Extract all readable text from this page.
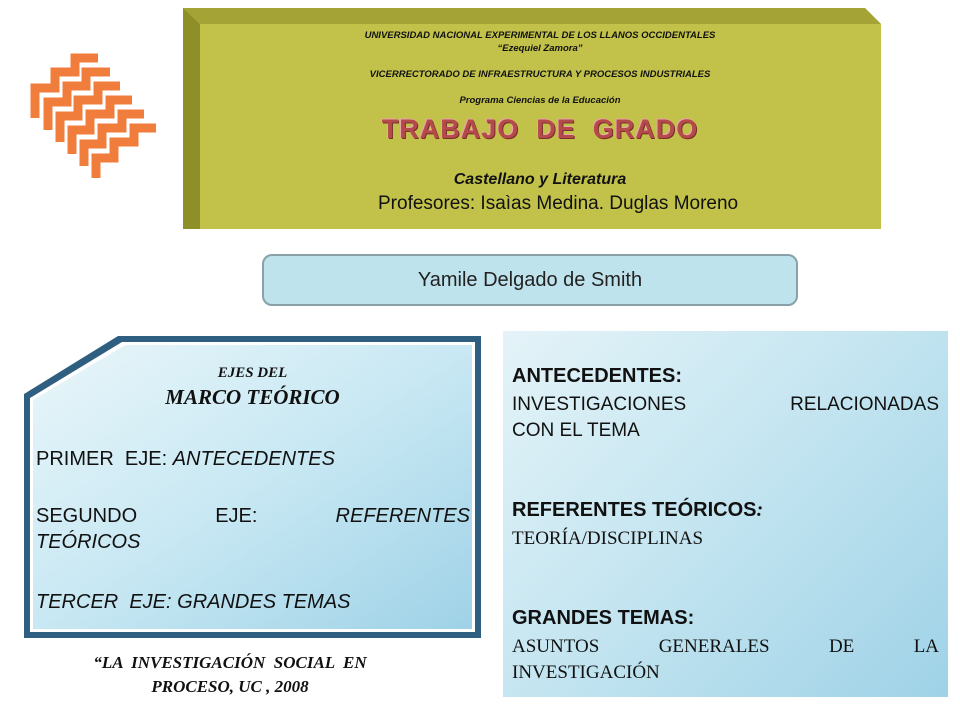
UNIVERSIDAD NACIONAL EXPERIMENTAL DE LOS LLANOS OCCIDENTALES
“Ezequiel Zamora”
VICERRECTORADO DE INFRAESTRUCTURA Y PROCESOS INDUSTRIALES
Programa Ciencias de la Educación
TRABAJO  DE  GRADO
Castellano y Literatura
Profesores: Isaìas Medina. Duglas Moreno
Yamile Delgado de Smith
EJES DEL
MARCO TEÓRICO
PRIMER  EJE: ANTECEDENTES
SEGUNDO	EJE:	REFERENTES
TEÓRICOS
TERCER  EJE: GRANDES TEMAS
“LA  INVESTIGACIÓN  SOCIAL  EN
PROCESO, UC , 2008
ANTECEDENTES:
INVESTIGACIONES	RELACIONADAS
CON EL TEMA
REFERENTES TEÓRICOS:
TEORÍA/DISCIPLINAS
GRANDES TEMAS:
ASUNTOS	GENERALES	DE	LA
INVESTIGACIÓN
